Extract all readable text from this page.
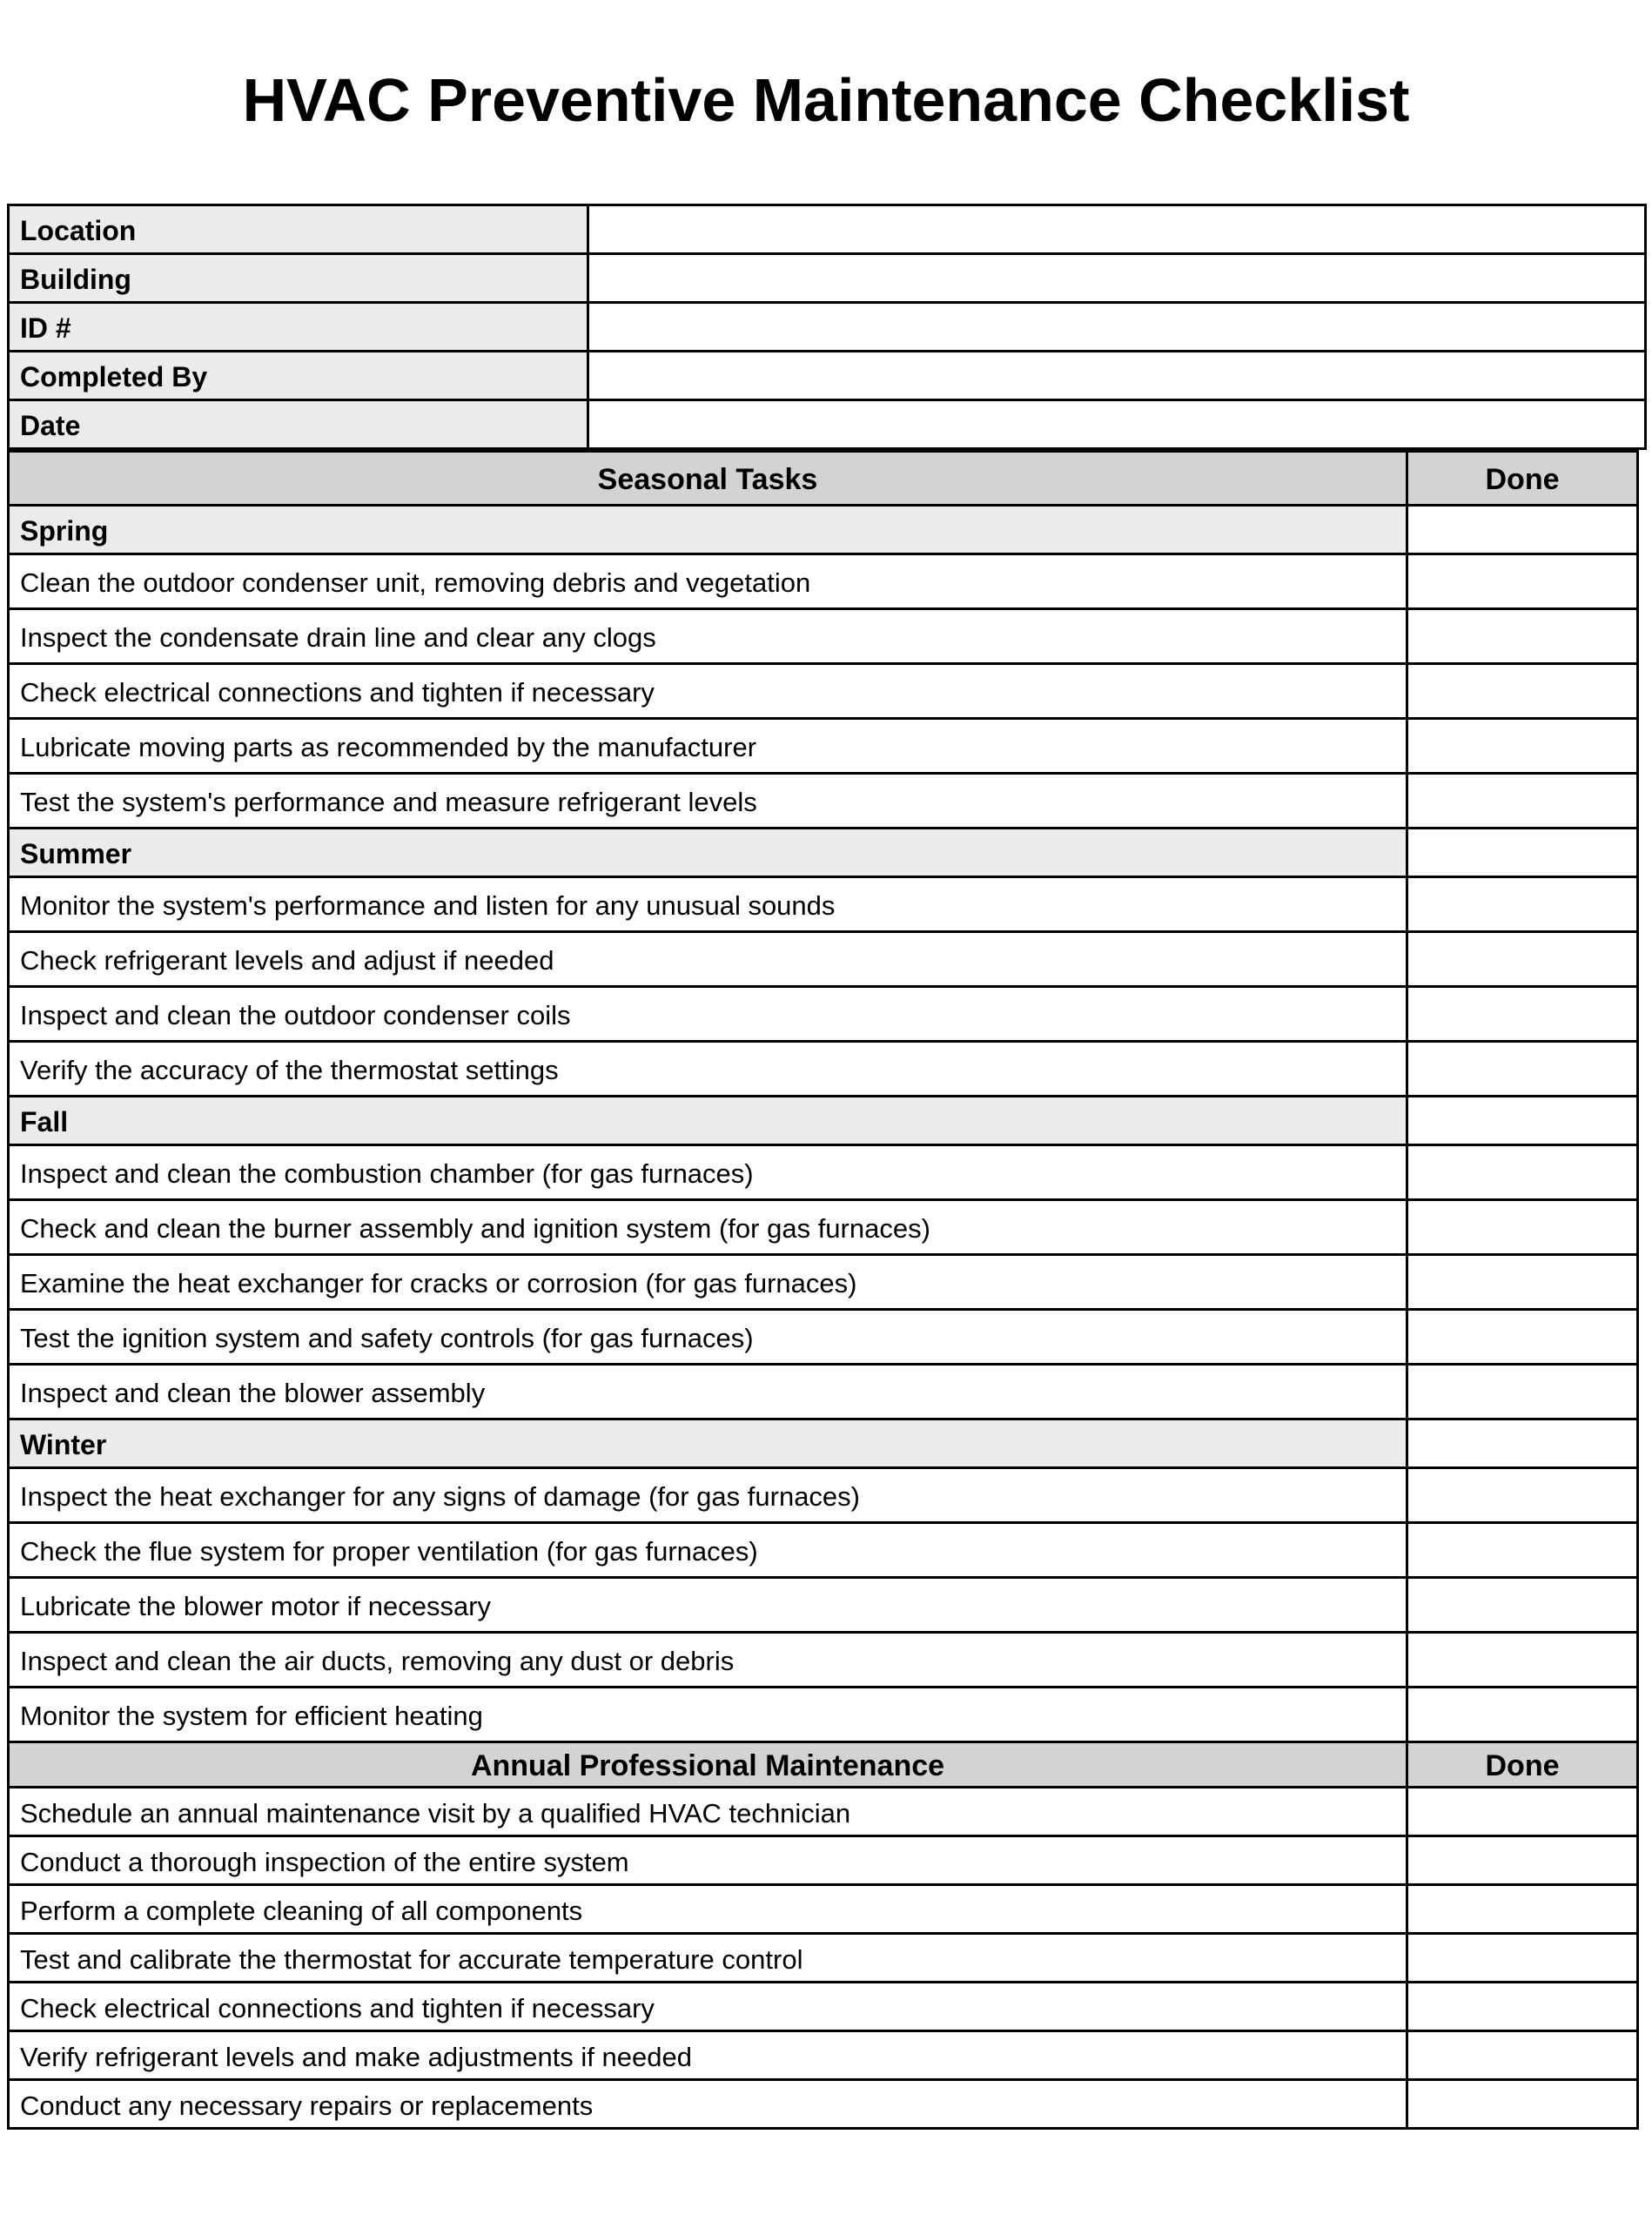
HVAC Preventive Maintenance Checklist
Location	
Building	
ID #	
Completed By	
Date	
Seasonal Tasks	Done
Spring	
Clean the outdoor condenser unit, removing debris and vegetation	
Inspect the condensate drain line and clear any clogs	
Check electrical connections and tighten if necessary	
Lubricate moving parts as recommended by the manufacturer	
Test the system's performance and measure refrigerant levels	
Summer	
Monitor the system's performance and listen for any unusual sounds	
Check refrigerant levels and adjust if needed	
Inspect and clean the outdoor condenser coils	
Verify the accuracy of the thermostat settings	
Fall	
Inspect and clean the combustion chamber (for gas furnaces)	
Check and clean the burner assembly and ignition system (for gas furnaces)	
Examine the heat exchanger for cracks or corrosion (for gas furnaces)	
Test the ignition system and safety controls (for gas furnaces)	
Inspect and clean the blower assembly	
Winter	
Inspect the heat exchanger for any signs of damage (for gas furnaces)	
Check the flue system for proper ventilation (for gas furnaces)	
Lubricate the blower motor if necessary	
Inspect and clean the air ducts, removing any dust or debris	
Monitor the system for efficient heating	
Annual Professional Maintenance	Done
Schedule an annual maintenance visit by a qualified HVAC technician	
Conduct a thorough inspection of the entire system	
Perform a complete cleaning of all components	
Test and calibrate the thermostat for accurate temperature control	
Check electrical connections and tighten if necessary	
Verify refrigerant levels and make adjustments if needed	
Conduct any necessary repairs or replacements	
